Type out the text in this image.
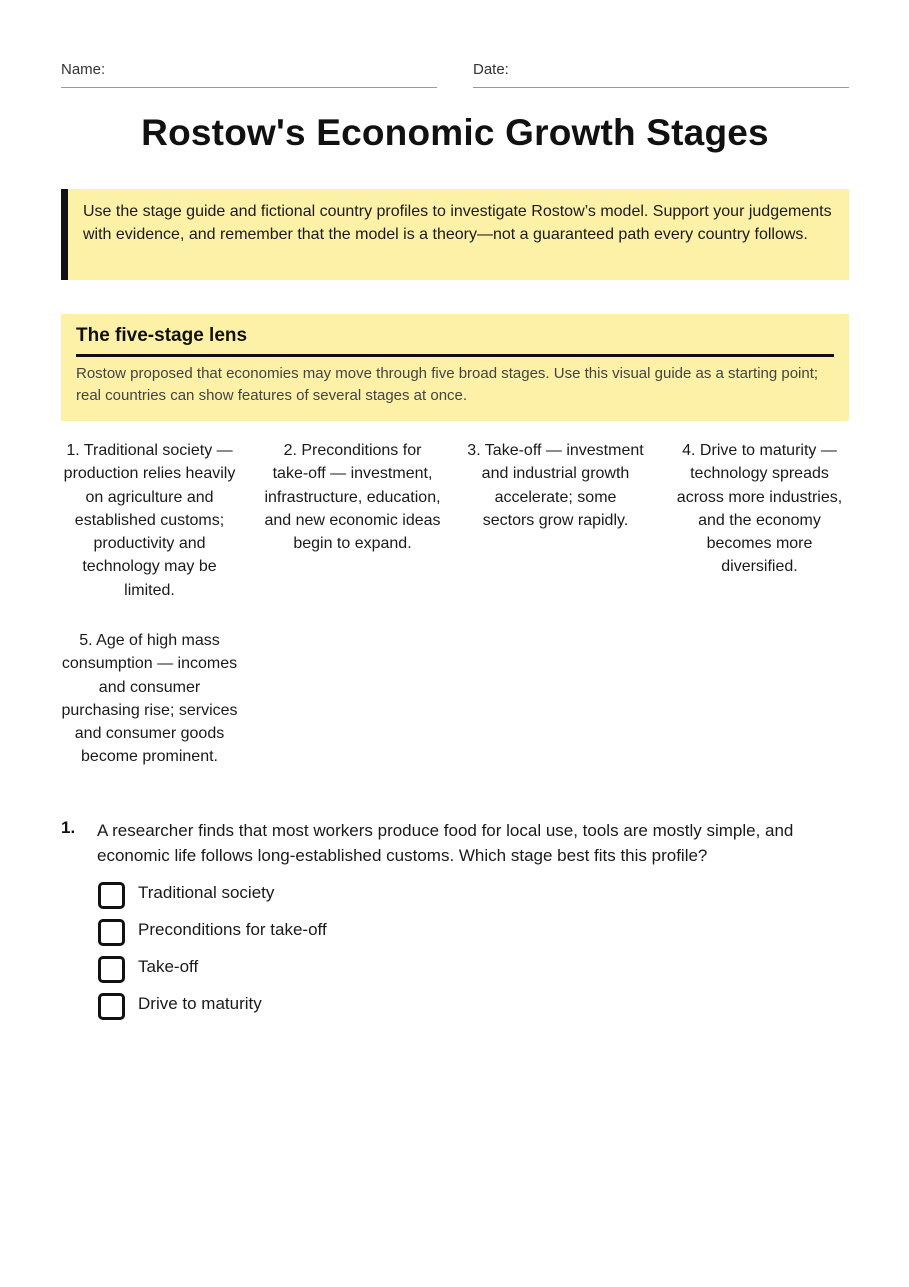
Name:	Date:
Rostow's Economic Growth Stages
Use the stage guide and fictional country profiles to investigate Rostow’s model. Support your judgements with evidence, and remember that the model is a theory—not a guaranteed path every country follows.
The five-stage lens
Rostow proposed that economies may move through five broad stages. Use this visual guide as a starting point; real countries can show features of several stages at once.
1. Traditional society — production relies heavily on agriculture and established customs; productivity and technology may be limited.
2. Preconditions for take-off — investment, infrastructure, education, and new economic ideas begin to expand.
3. Take-off — investment and industrial growth accelerate; some sectors grow rapidly.
4. Drive to maturity — technology spreads across more industries, and the economy becomes more diversified.
5. Age of high mass consumption — incomes and consumer purchasing rise; services and consumer goods become prominent.
1. A researcher finds that most workers produce food for local use, tools are mostly simple, and economic life follows long-established customs. Which stage best fits this profile?
Traditional society
Preconditions for take-off
Take-off
Drive to maturity
